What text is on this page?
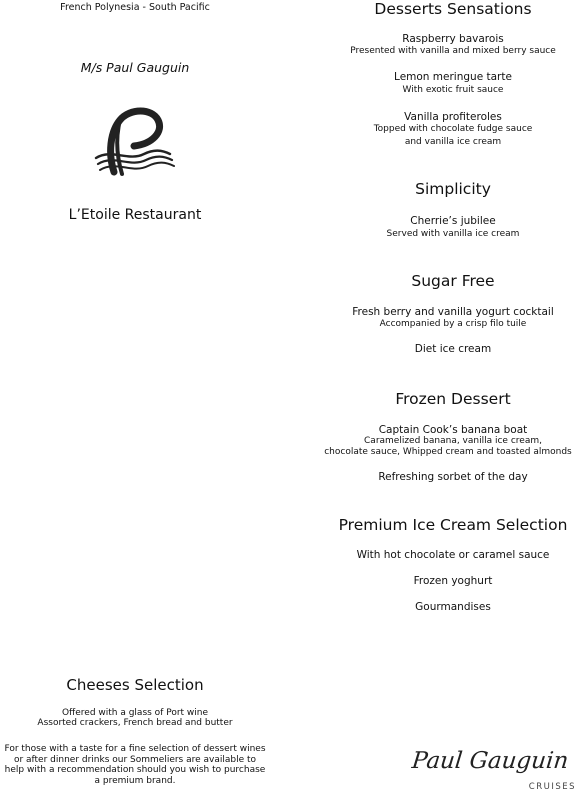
French Polynesia - South Pacific
M/s Paul Gauguin
L’Etoile Restaurant
Cheeses Selection
Offered with a glass of Port wine
Assorted crackers, French bread and butter
For those with a taste for a fine selection of dessert wines or after dinner drinks our Sommeliers are available to help with a recommendation should you wish to purchase a premium brand.
Desserts Sensations
Raspberry bavarois
Presented with vanilla and mixed berry sauce
Lemon meringue tarte
With exotic fruit sauce
Vanilla profiteroles
Topped with chocolate fudge sauce
and vanilla ice cream
Simplicity
Cherrie’s jubilee
Served with vanilla ice cream
Sugar Free
Fresh berry and vanilla yogurt cocktail
Accompanied by a crisp filo tuile
Diet ice cream
Frozen Dessert
Captain Cook’s banana boat
Caramelized banana, vanilla ice cream,
chocolate sauce, Whipped cream and toasted almonds
Refreshing sorbet of the day
Premium Ice Cream Selection
With hot chocolate or caramel sauce
Frozen yoghurt
Gourmandises
Paul Gauguin
CRUISES
